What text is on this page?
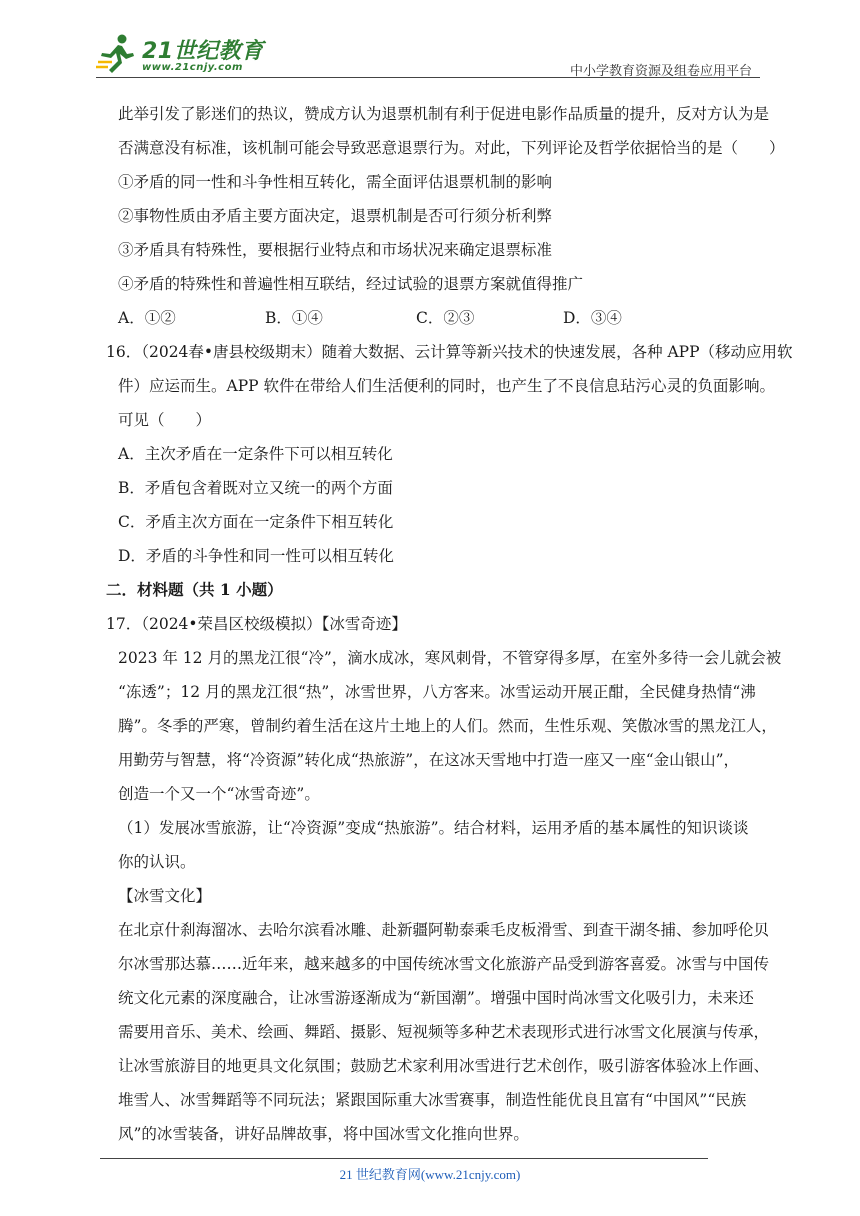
21世纪教育
www.21cnjy.com	中小学教育资源及组卷应用平台
此举引发了影迷们的热议，赞成方认为退票机制有利于促进电影作品质量的提升，反对方认为是
否满意没有标准，该机制可能会导致恶意退票行为。对此，下列评论及哲学依据恰当的是（　　）
①矛盾的同一性和斗争性相互转化，需全面评估退票机制的影响
②事物性质由矛盾主要方面决定，退票机制是否可行须分析利弊
③矛盾具有特殊性，要根据行业特点和市场状况来确定退票标准
④矛盾的特殊性和普遍性相互联结，经过试验的退票方案就值得推广
A．①②	B．①④	C．②③	D．③④
16．（2024春•唐县校级期末）随着大数据、云计算等新兴技术的快速发展，各种 APP（移动应用软
件）应运而生。APP 软件在带给人们生活便利的同时，也产生了不良信息玷污心灵的负面影响。
可见（　　）
A．主次矛盾在一定条件下可以相互转化
B．矛盾包含着既对立又统一的两个方面
C．矛盾主次方面在一定条件下相互转化
D．矛盾的斗争性和同一性可以相互转化
二．材料题（共 1 小题）
17．（2024•荣昌区校级模拟）【冰雪奇迹】
2023 年 12 月的黑龙江很“冷”，滴水成冰，寒风刺骨，不管穿得多厚，在室外多待一会儿就会被
“冻透”；12 月的黑龙江很“热”，冰雪世界，八方客来。冰雪运动开展正酣，全民健身热情“沸
腾”。冬季的严寒，曾制约着生活在这片土地上的人们。然而，生性乐观、笑傲冰雪的黑龙江人，
用勤劳与智慧，将“冷资源”转化成“热旅游”，在这冰天雪地中打造一座又一座“金山银山”，
创造一个又一个“冰雪奇迹”。
（1）发展冰雪旅游，让“冷资源”变成“热旅游”。结合材料，运用矛盾的基本属性的知识谈谈
你的认识。
【冰雪文化】
在北京什刹海溜冰、去哈尔滨看冰雕、赴新疆阿勒泰乘毛皮板滑雪、到查干湖冬捕、参加呼伦贝
尔冰雪那达慕……近年来，越来越多的中国传统冰雪文化旅游产品受到游客喜爱。冰雪与中国传
统文化元素的深度融合，让冰雪游逐渐成为“新国潮”。增强中国时尚冰雪文化吸引力，未来还
需要用音乐、美术、绘画、舞蹈、摄影、短视频等多种艺术表现形式进行冰雪文化展演与传承，
让冰雪旅游目的地更具文化氛围；鼓励艺术家利用冰雪进行艺术创作，吸引游客体验冰上作画、
堆雪人、冰雪舞蹈等不同玩法；紧跟国际重大冰雪赛事，制造性能优良且富有“中国风”“民族
风”的冰雪装备，讲好品牌故事，将中国冰雪文化推向世界。
21 世纪教育网(www.21cnjy.com)
